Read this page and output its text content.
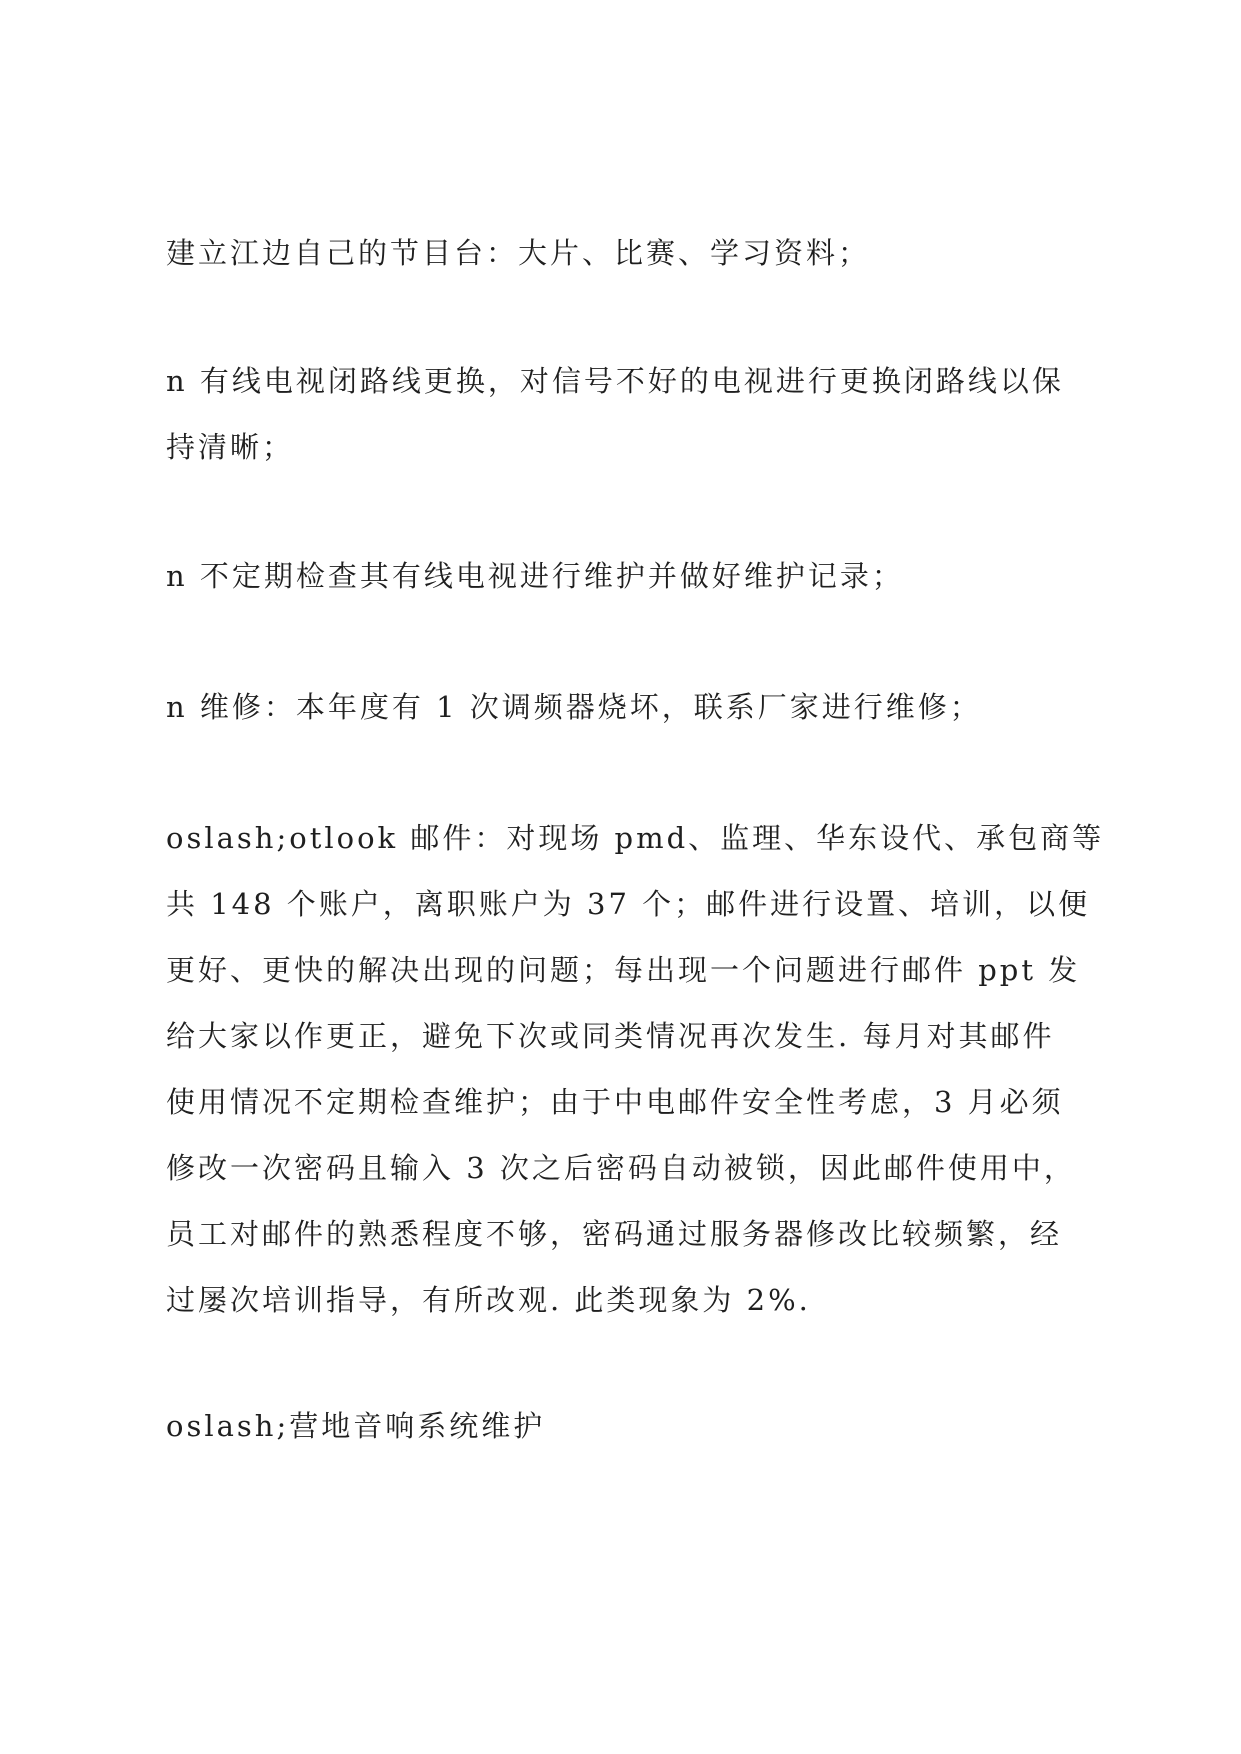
建立江边自己的节目台：大片、比赛、学习资料；

n 有线电视闭路线更换，对信号不好的电视进行更换闭路线以保
持清晰；

n 不定期检查其有线电视进行维护并做好维护记录；

n 维修：本年度有 1 次调频器烧坏，联系厂家进行维修；

oslash;otlook 邮件：对现场 pmd、监理、华东设代、承包商等
共 148 个账户，离职账户为 37 个；邮件进行设置、培训，以便
更好、更快的解决出现的问题；每出现一个问题进行邮件 ppt 发
给大家以作更正，避免下次或同类情况再次发生. 每月对其邮件
使用情况不定期检查维护；由于中电邮件安全性考虑，3 月必须
修改一次密码且输入 3 次之后密码自动被锁，因此邮件使用中，
员工对邮件的熟悉程度不够，密码通过服务器修改比较频繁，经
过屡次培训指导，有所改观. 此类现象为 2%.

oslash;营地音响系统维护
